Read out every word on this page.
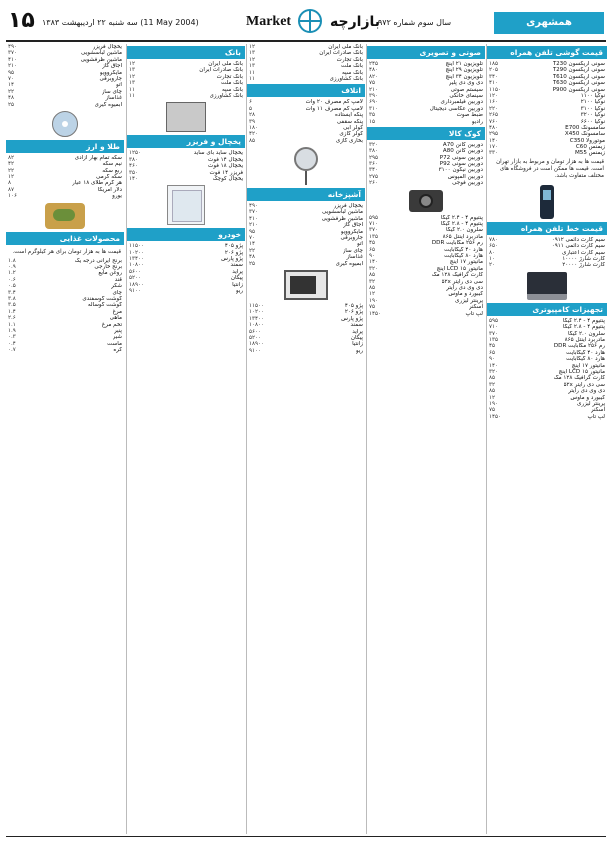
۱۵ سه شنبه ۲۲ اردیبهشت ۱۳۸۳ (11 May 2004)	Market	بازارچه
سال سوم شماره ۹۷۲	همشهری
قیمت گوشی تلفن همراه
۱۸۵	سونی اریکسون T230
۲۰۵	سونی اریکسون T290
۳۴۰	سونی اریکسون T610
۴۱۰	سونی اریکسون T630
۱۱۵۰	سونی اریکسون P900
۱۲۰	نوکیا ۱۱۰۰
۱۶۰	نوکیا ۲۱۰۰
۲۲۰	نوکیا ۳۱۰۰
۲۶۵	نوکیا ۳۲۰۰
۷۶۰	نوکیا ۶۶۰۰
۴۸۰	سامسونگ E700
۲۹۵	سامسونگ X450
۱۴۰	موتورولا C350
۱۷۰	زیمنس C60
۳۳۰	زیمنس M55
قیمت ها به هزار تومان و مربوط به بازار تهران است. قیمت ها ممکن است در فروشگاه های مختلف متفاوت باشد.
قیمت خط تلفن همراه
۷۸۰	سیم کارت دائمی ۰۹۱۲
۶۵۰	سیم کارت دائمی ۰۹۱۱
۸۰	سیم کارت اعتباری
۱۰	کارت شارژ ۱۰۰۰۰
۲۰	کارت شارژ ۲۰۰۰۰
تجهیزات کامپیوتری
۵۹۵	پنتیوم ۴ - ۲.۴ گیگا
۷۱۰	پنتیوم ۴ - ۲.۸ گیگا
۳۷۰	سلرون ۲.۰ گیگا
۱۳۵	مادربرد اینتل ۸۶۵
۴۵	رم ۲۵۶ مگابایت DDR
۶۵	هارد ۴۰ گیگابایت
۹۰	هارد ۸۰ گیگابایت
۱۴۰	مانیتور ۱۷ اینچ
۳۲۰	مانیتور LCD ۱۵ اینچ
۸۵	کارت گرافیک ۱۲۸ مگ
۳۲	سی دی رایتر ۵۲x
۸۵	دی وی دی رایتر
۱۲	کیبورد و ماوس
۱۹۰	پرینتر لیزری
۷۵	اسکنر
۱۴۵۰	لپ تاپ
صوتی و تصویری
۲۴۵	تلویزیون ۲۱ اینچ
۴۸۰	تلویزیون ۲۹ اینچ
۸۲۰	تلویزیون ۳۴ اینچ
۷۵	دی وی دی پلیر
۲۱۰	سیستم صوتی
۳۹۰	سینمای خانگی
۶۹۰	دوربین فیلمبرداری
۳۱۰	دوربین عکاسی دیجیتال
۳۵	ضبط صوت
۱۵	رادیو
کوک کالا
۳۲۰	دوربین کانن A70
۳۸۰	دوربین کانن A80
۲۹۵	دوربین سونی P72
۳۶۰	دوربین سونی P92
۳۴۰	دوربین نیکون ۳۱۰۰
۲۷۵	دوربین المپوس
۲۶۰	دوربین فوجی
۵۹۵	پنتیوم ۴ - ۲.۴ گیگا
۷۱۰	پنتیوم ۴ - ۲.۸ گیگا
۳۷۰	سلرون ۲.۰ گیگا
۱۳۵	مادربرد اینتل ۸۶۵
۴۵	رم ۲۵۶ مگابایت DDR
۶۵	هارد ۴۰ گیگابایت
۹۰	هارد ۸۰ گیگابایت
۱۴۰	مانیتور ۱۷ اینچ
۳۲۰	مانیتور LCD ۱۵ اینچ
۸۵	کارت گرافیک ۱۲۸ مگ
۳۲	سی دی رایتر ۵۲x
۸۵	دی وی دی رایتر
۱۲	کیبورد و ماوس
۱۹۰	پرینتر لیزری
۷۵	اسکنر
۱۴۵۰	لپ تاپ
۱۲	بانک ملی ایران
۱۳	بانک صادرات ایران
۱۲	بانک تجارت
۱۳	بانک ملت
۱۱	بانک سپه
۱۱	بانک کشاورزی
اتلاف
۶	لامپ کم مصرف ۲۰ وات
۵	لامپ کم مصرف ۱۱ وات
۲۸	پنکه ایستاده
۳۹	پنکه سقفی
۱۸۰	کولر آبی
۴۲۰	کولر گازی
۸۵	بخاری گازی
آشپزخانه
۴۹۰	یخچال فریزر
۳۷۰	ماشین لباسشویی
۴۱۰	ماشین ظرفشویی
۲۱۰	اجاق گاز
۹۵	مایکروویو
۷۰	جاروبرقی
۱۴	اتو
۲۲	چای ساز
۴۸	غذاساز
۲۵	آبمیوه گیری
۱۱۵۰۰	پژو ۴۰۵
۱۰۲۰۰	پژو ۲۰۶
۱۳۴۰۰	پژو پارس
۱۰۸۰۰	سمند
۵۶۰۰	پراید
۵۲۰۰	پیکان
۱۸۹۰۰	زانتیا
۹۱۰۰	ریو
بانک
۱۲	بانک ملی ایران
۱۳	بانک صادرات ایران
۱۲	بانک تجارت
۱۳	بانک ملت
۱۱	بانک سپه
۱۱	بانک کشاورزی
یخچال و فریزر
۱۲۵۰	یخچال ساید بای ساید
۳۸۰	یخچال ۱۴ فوت
۴۶۰	یخچال ۱۸ فوت
۳۵۰	فریزر ۱۴ فوت
۱۴۰	یخچال کوچک
خودرو
۱۱۵۰۰	پژو ۴۰۵
۱۰۲۰۰	پژو ۲۰۶
۱۳۴۰۰	پژو پارس
۱۰۸۰۰	سمند
۵۶۰۰	پراید
۵۲۰۰	پیکان
۱۸۹۰۰	زانتیا
۹۱۰۰	ریو
۴۹۰	یخچال فریزر
۳۷۰	ماشین لباسشویی
۴۱۰	ماشین ظرفشویی
۲۱۰	اجاق گاز
۹۵	مایکروویو
۷۰	جاروبرقی
۱۴	اتو
۲۲	چای ساز
۴۸	غذاساز
۲۵	آبمیوه گیری
طلا و ارز
۸۲	سکه تمام بهار آزادی
۴۲	نیم سکه
۲۲	ربع سکه
۱۲	سکه گرمی
۸	هر گرم طلای ۱۸ عیار
۸۷	دلار آمریکا
۱۰۶	یورو
محصولات غذایی
قیمت ها به هزار تومان برای هر کیلوگرم است.
۱.۸	برنج ایرانی درجه یک
۰.۹	برنج خارجی
۱.۲	روغن مایع
۰.۶	قند
۰.۵	شکر
۳.۴	چای
۳.۸	گوشت گوسفندی
۳.۵	گوشت گوساله
۱.۴	مرغ
۲.۶	ماهی
۱.۱	تخم مرغ
۱.۹	پنیر
۰.۳	شیر
۰.۴	ماست
۰.۷	کره
